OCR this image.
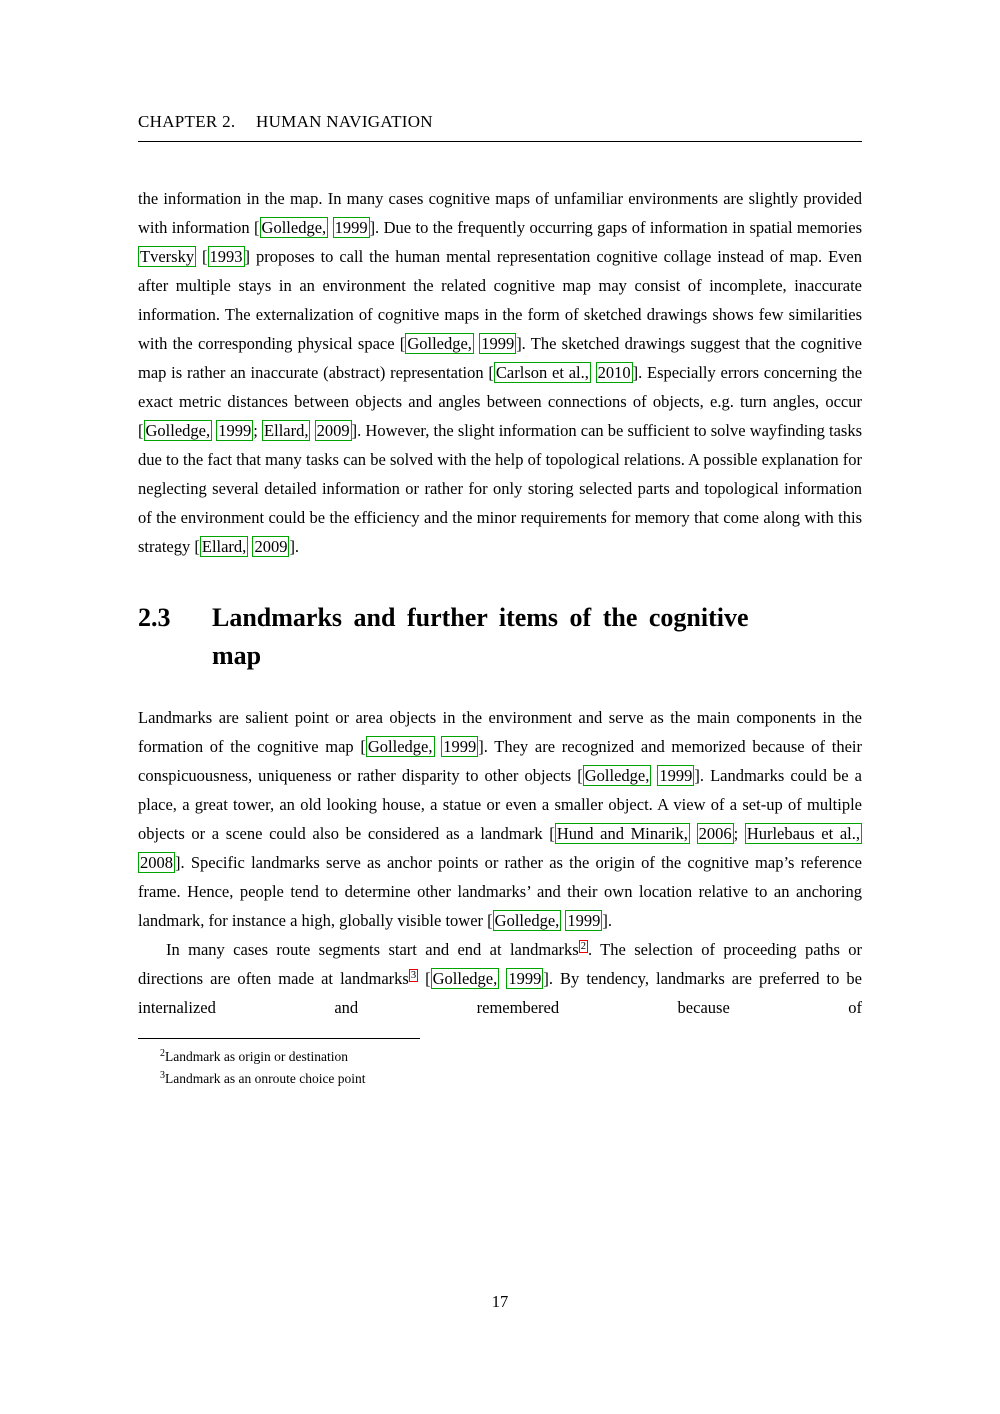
CHAPTER 2. HUMAN NAVIGATION

the information in the map. In many cases cognitive maps of unfamiliar environments are slightly provided with information [ Golledge, 1999 ]. Due to the frequently occurring gaps of information in spatial memories Tversky [ 1993 ] proposes to call the human mental representation cognitive collage instead of map. Even after multiple stays in an environment the related cognitive map may consist of incomplete, inaccurate information. The externalization of cognitive maps in the form of sketched drawings shows few similarities with the corresponding physical space [ Golledge, 1999 ]. The sketched drawings suggest that the cognitive map is rather an inaccurate (abstract) representation [ Carlson et al., 2010 ]. Especially errors concerning the exact metric distances between objects and angles between connections of objects, e.g. turn angles, occur [ Golledge, 1999 ; Ellard, 2009 ]. However, the slight information can be sufficient to solve wayfinding tasks due to the fact that many tasks can be solved with the help of topological relations. A possible explanation for neglecting several detailed information or rather for only storing selected parts and topological information of the environment could be the efficiency and the minor requirements for memory that come along with this strategy [ Ellard, 2009 ].

2.3	Landmarks and further items of the cognitive
map

Landmarks are salient point or area objects in the environment and serve as the main components in the formation of the cognitive map [ Golledge, 1999 ]. They are recognized and memorized because of their conspicuousness, uniqueness or rather disparity to other objects [ Golledge, 1999 ]. Landmarks could be a place, a great tower, an old looking house, a statue or even a smaller object. A view of a set-up of multiple objects or a scene could also be considered as a landmark [ Hund and Minarik, 2006 ; Hurlebaus et al., 2008 ]. Specific landmarks serve as anchor points or rather as the origin of the cognitive map’s reference frame. Hence, people tend to determine other landmarks’ and their own location relative to an anchoring landmark, for instance a high, globally visible tower [ Golledge, 1999 ].

In many cases route segments start and end at landmarks $^2$ . The selection of proceeding paths or directions are often made at landmarks $^3$ [ Golledge, 1999 ]. By tendency, landmarks are preferred to be internalized and remembered because of

$^2$Landmark as origin or destination
$^3$Landmark as an onroute choice point
17
